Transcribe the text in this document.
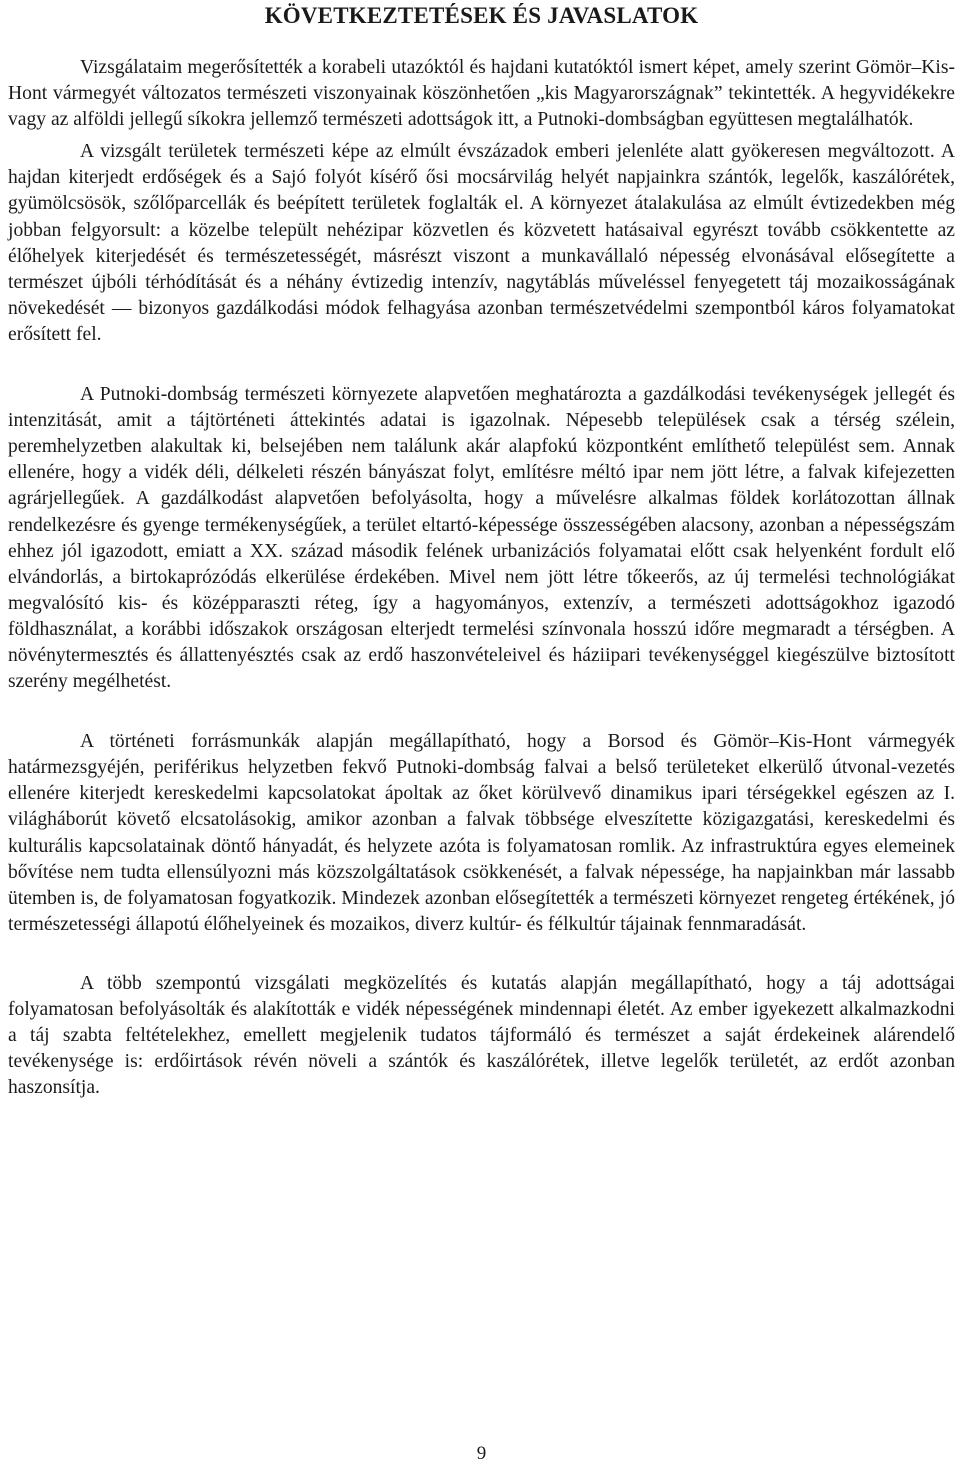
KÖVETKEZTETÉSEK ÉS JAVASLATOK

Vizsgálataim megerősítették a korabeli utazóktól és hajdani kutatóktól ismert képet, amely szerint Gömör–Kis-Hont vármegyét változatos természeti viszonyainak köszönhetően „kis Magyarországnak” tekintették. A hegyvidékekre vagy az alföldi jellegű síkokra jellemző természeti adottságok itt, a Putnoki-dombságban együttesen megtalálhatók.

A vizsgált területek természeti képe az elmúlt évszázadok emberi jelenléte alatt gyökeresen megváltozott. A hajdan kiterjedt erdőségek és a Sajó folyót kísérő ősi mocsárvilág helyét napjainkra szántók, legelők, kaszálórétek, gyümölcsösök, szőlőparcellák és beépített területek foglalták el. A környezet átalakulása az elmúlt évtizedekben még jobban felgyorsult: a közelbe települt nehézipar közvetlen és közvetett hatásaival egyrészt tovább csökkentette az élőhelyek kiterjedését és természetességét, másrészt viszont a munkavállaló népesség elvonásával elősegítette a természet újbóli térhódítását és a néhány évtizedig intenzív, nagytáblás műveléssel fenyegetett táj mozaikosságának növekedését — bizonyos gazdálkodási módok felhagyása azonban természetvédelmi szempontból káros folyamatokat erősített fel.

A Putnoki-dombság természeti környezete alapvetően meghatározta a gazdálkodási tevékenységek jellegét és intenzitását, amit a tájtörténeti áttekintés adatai is igazolnak. Népesebb települések csak a térség szélein, peremhelyzetben alakultak ki, belsejében nem találunk akár alapfokú központként említhető települést sem. Annak ellenére, hogy a vidék déli, délkeleti részén bányászat folyt, említésre méltó ipar nem jött létre, a falvak kifejezetten agrárjellegűek. A gazdálkodást alapvetően befolyásolta, hogy a művelésre alkalmas földek korlátozottan állnak rendelkezésre és gyenge termékenységűek, a terület eltartó-képessége összességében alacsony, azonban a népességszám ehhez jól igazodott, emiatt a XX. század második felének urbanizációs folyamatai előtt csak helyenként fordult elő elvándorlás, a birtokaprózódás elkerülése érdekében. Mivel nem jött létre tőkeerős, az új termelési technológiákat megvalósító kis- és középparaszti réteg, így a hagyományos, extenzív, a természeti adottságokhoz igazodó földhasználat, a korábbi időszakok országosan elterjedt termelési színvonala hosszú időre megmaradt a térségben. A növénytermesztés és állattenyésztés csak az erdő haszonvételeivel és háziipari tevékenységgel kiegészülve biztosított szerény megélhetést.

A történeti forrásmunkák alapján megállapítható, hogy a Borsod és Gömör–Kis-Hont vármegyék határmezsgyéjén, periférikus helyzetben fekvő Putnoki-dombság falvai a belső területeket elkerülő útvonal-vezetés ellenére kiterjedt kereskedelmi kapcsolatokat ápoltak az őket körülvevő dinamikus ipari térségekkel egészen az I. világháborút követő elcsatolásokig, amikor azonban a falvak többsége elveszítette közigazgatási, kereskedelmi és kulturális kapcsolatainak döntő hányadát, és helyzete azóta is folyamatosan romlik. Az infrastruktúra egyes elemeinek bővítése nem tudta ellensúlyozni más közszolgáltatások csökkenését, a falvak népessége, ha napjainkban már lassabb ütemben is, de folyamatosan fogyatkozik. Mindezek azonban elősegítették a természeti környezet rengeteg értékének, jó természetességi állapotú élőhelyeinek és mozaikos, diverz kultúr- és félkultúr tájainak fennmaradását.

A több szempontú vizsgálati megközelítés és kutatás alapján megállapítható, hogy a táj adottságai folyamatosan befolyásolták és alakították e vidék népességének mindennapi életét. Az ember igyekezett alkalmazkodni a táj szabta feltételekhez, emellett megjelenik tudatos tájformáló és természet a saját érdekeinek alárendelő tevékenysége is: erdőirtások révén növeli a szántók és kaszálórétek, illetve legelők területét, az erdőt azonban haszonsítja.

9
